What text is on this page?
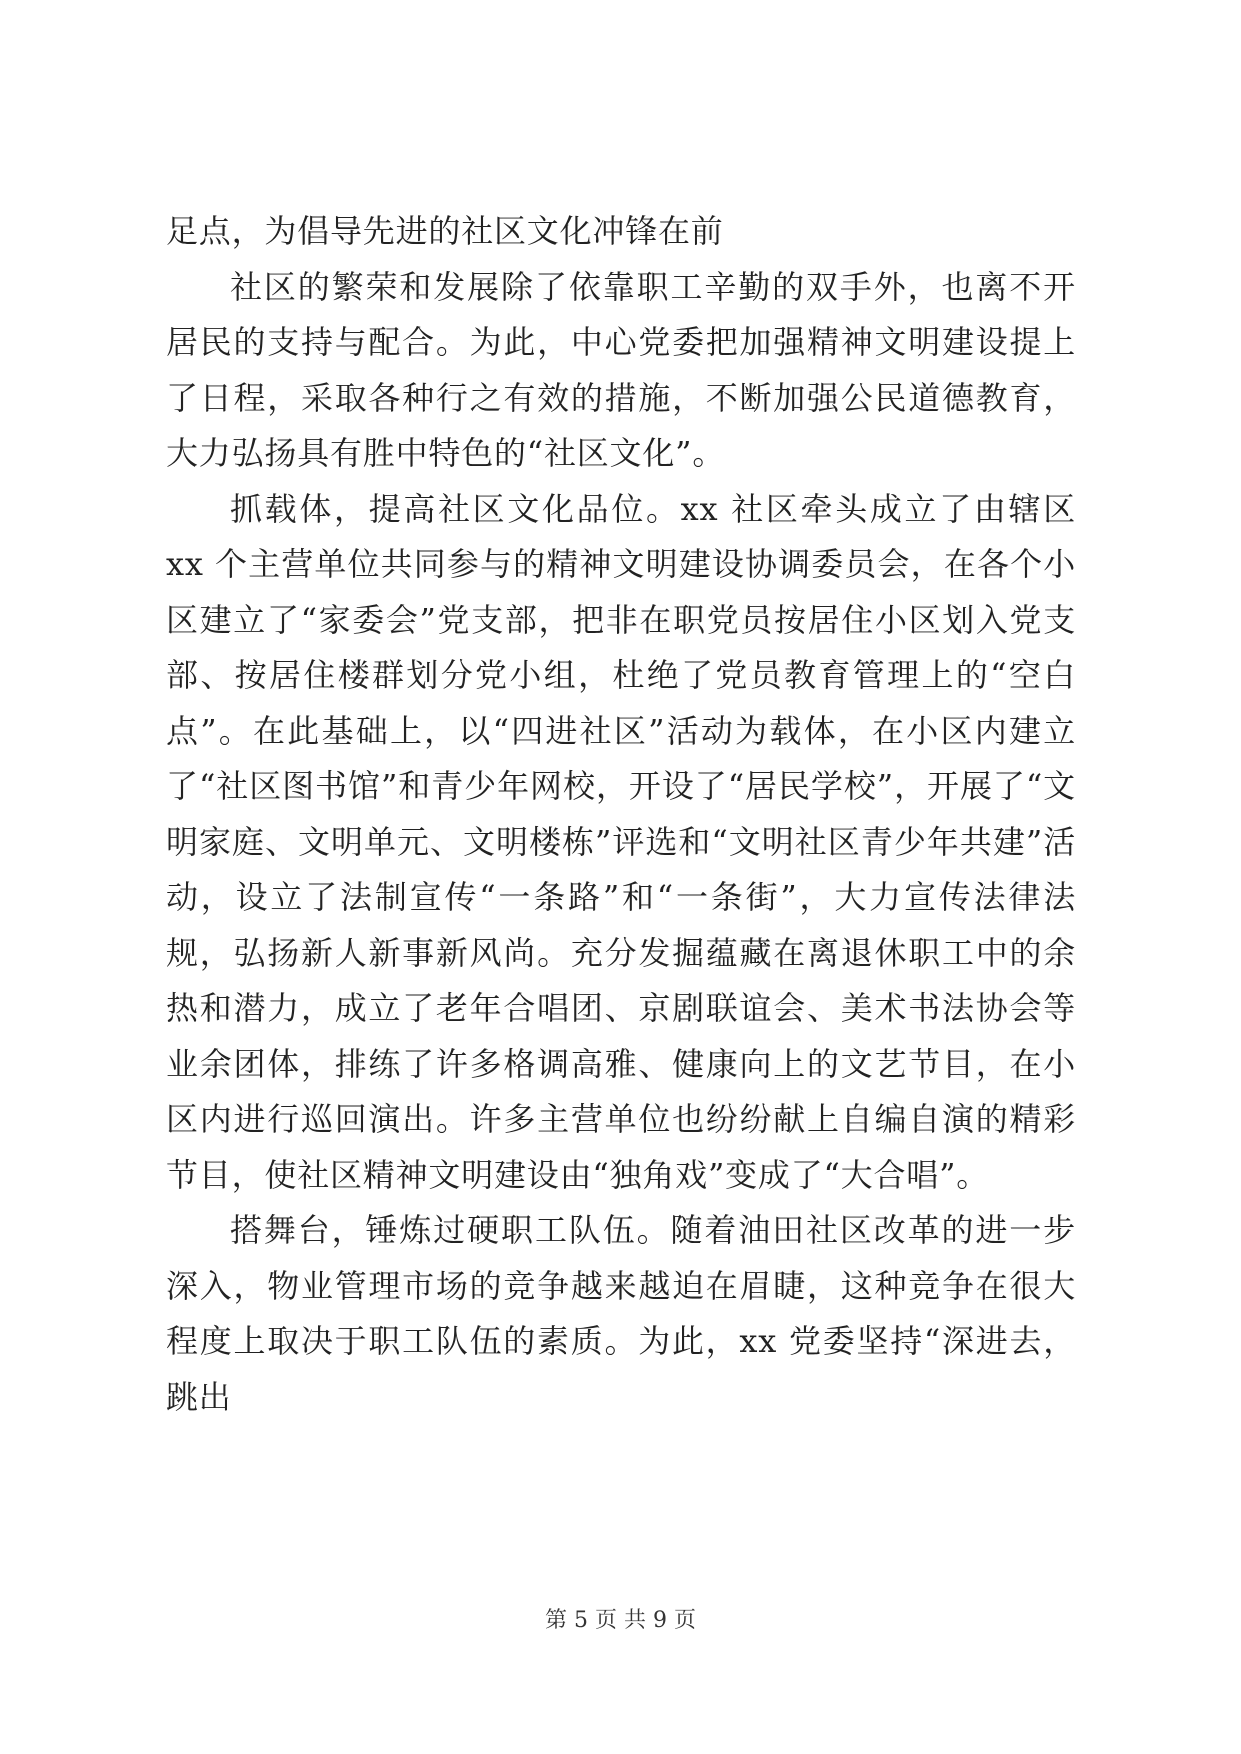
足点，为倡导先进的社区文化冲锋在前

社区的繁荣和发展除了依靠职工辛勤的双手外，也离不开居民的支持与配合。为此，中心党委把加强精神文明建设提上了日程，采取各种行之有效的措施，不断加强公民道德教育，大力弘扬具有胜中特色的“社区文化”。

抓载体，提高社区文化品位。xx 社区牵头成立了由辖区 xx 个主营单位共同参与的精神文明建设协调委员会，在各个小区建立了“家委会”党支部，把非在职党员按居住小区划入党支部、按居住楼群划分党小组，杜绝了党员教育管理上的“空白点”。在此基础上，以“四进社区”活动为载体，在小区内建立了“社区图书馆”和青少年网校，开设了“居民学校”，开展了“文明家庭、文明单元、文明楼栋”评选和“文明社区青少年共建”活动，设立了法制宣传“一条路”和“一条街”，大力宣传法律法规，弘扬新人新事新风尚。充分发掘蕴藏在离退休职工中的余热和潜力，成立了老年合唱团、京剧联谊会、美术书法协会等业余团体，排练了许多格调高雅、健康向上的文艺节目，在小区内进行巡回演出。许多主营单位也纷纷献上自编自演的精彩节目，使社区精神文明建设由“独角戏”变成了“大合唱”。

搭舞台，锤炼过硬职工队伍。随着油田社区改革的进一步深入，物业管理市场的竞争越来越迫在眉睫，这种竞争在很大程度上取决于职工队伍的素质。为此，xx 党委坚持“深进去，跳出

第 5 页 共 9 页
